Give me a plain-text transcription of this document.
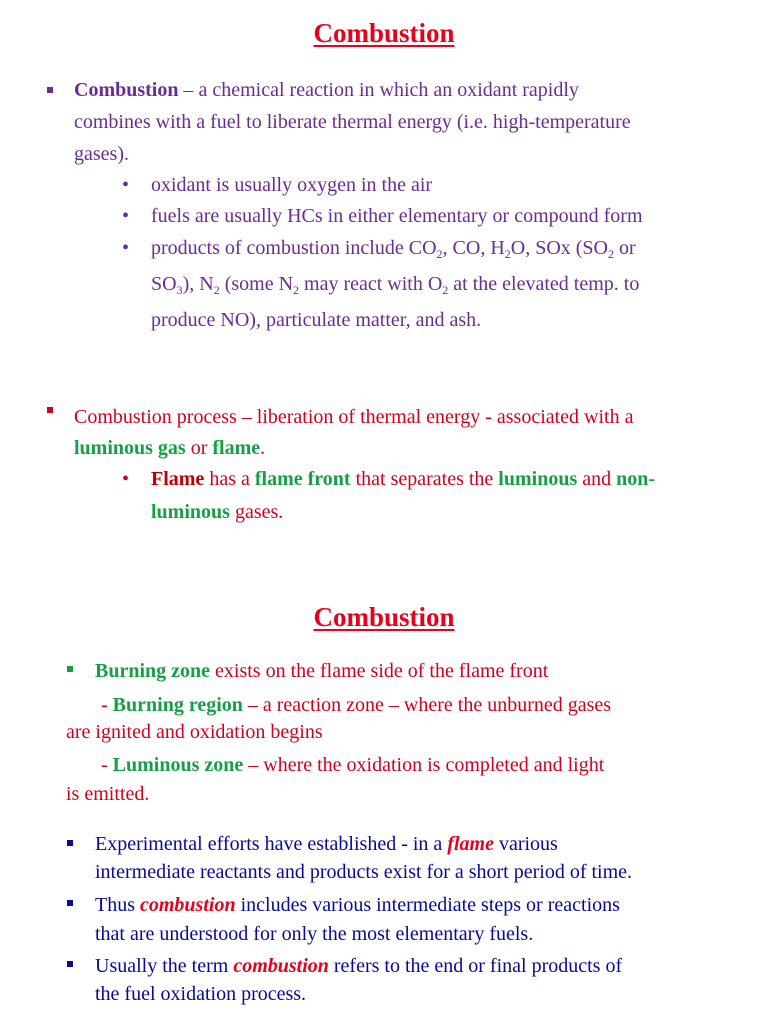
Combustion
Combustion – a chemical reaction in which an oxidant rapidly
combines with a fuel to liberate thermal energy (i.e. high-temperature
gases).
• oxidant is usually oxygen in the air
• fuels are usually HCs in either elementary or compound form
• products of combustion include $CO_2$, CO, $H_2O$, SOx ($SO_2$ or
$SO_3$), $N_2$ (some $N_2$ may react with $O_2$ at the elevated temp. to
produce NO), particulate matter, and ash.
Combustion process – liberation of thermal energy - associated with a
luminous gas or flame.
• Flame has a flame front that separates the luminous and non-
luminous gases.
Combustion
Burning zone exists on the flame side of the flame front
- Burning region – a reaction zone – where the unburned gases
are ignited and oxidation begins
- Luminous zone – where the oxidation is completed and light
is emitted.
Experimental efforts have established - in a flame various
intermediate reactants and products exist for a short period of time.
Thus combustion includes various intermediate steps or reactions
that are understood for only the most elementary fuels.
Usually the term combustion refers to the end or final products of
the fuel oxidation process.
